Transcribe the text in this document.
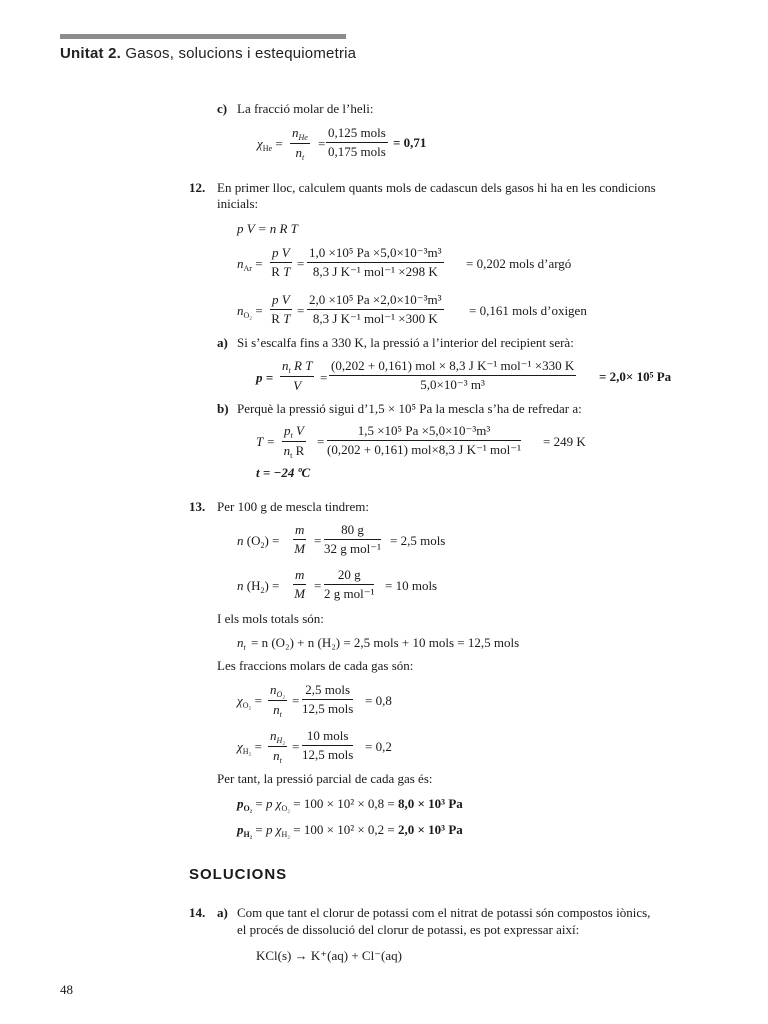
Unitat 2. Gasos, solucions i estequiometria
c) La fracció molar de l’heli:
$\chi_{He}$ =
$n_{He}$
$n_t$
=
0,125 mols
0,175 mols
= 0,71
12. En primer lloc, calculem quants mols de cadascun dels gasos hi ha en les condicions
inicials:
p V = n R T
$n_{Ar} = \frac{\text{p V}}{\text{R T}}$ =
1,0 ×10⁵ Pa ×5,0×10⁻³m³
8,3 J K⁻¹ mol⁻¹ ×298 K
= 0,202 mols d’argó
$n_{O_2} = \frac{\text{p V}}{\text{R T}}$ =
2,0 ×10⁵ Pa ×2,0×10⁻³m³
8,3 J K⁻¹ mol⁻¹ ×300 K
= 0,161 mols d’oxigen
a) Si s’escalfa fins a 330 K, la pressió a l’interior del recipient serà:
$p = \frac{n_t R T}{V}$ =
(0,202 + 0,161) mol × 8,3 J K⁻¹ mol⁻¹ ×330 K
5,0×10⁻³ m³
= 2,0× 10⁵ Pa
b) Perquè la pressió sigui d’1,5 × 10⁵ Pa la mescla s’ha de refredar a:
$T = \frac{p_t V}{n_t R}$ =
1,5 ×10⁵ Pa ×5,0×10⁻³m³
(0,202 + 0,161) mol×8,3 J K⁻¹ mol⁻¹
= 249 K
t = −24 ºC
13. Per 100 g de mescla tindrem:
n $(O_2) = \frac{m}{M}$ =
80 g
32 g mol⁻¹
= 2,5 mols
n $(H_2) = \frac{m}{M}$ =
20 g
2 g mol⁻¹
= 10 mols
I els mols totals són:
$n_t = n$ (O₂) + n (H₂) = 2,5 mols + 10 mols = 12,5 mols
Les fraccions molars de cada gas són:
$\chi_{O_2} = \frac{n_{O_2}}{n_t}$ =
2,5 mols
12,5 mols
= 0,8
$\chi_{H_2} = \frac{n_{H_2}}{n_t}$ =
10 mols
12,5 mols
= 0,2
Per tant, la pressió parcial de cada gas és:
$p_{O_2} = p$ $\chi_{O_2} = 100 \times 10^2 \times 0,8 = 8,0 \times 10^3$ Pa
$p_{H_2} = p$ $\chi_{H_2} = 100 \times 10^2 \times 0,2 = 2,0 \times 10^3$ Pa
SOLUCIONS
14. a) Com que tant el clorur de potassi com el nitrat de potassi són compostos iònics,
el procés de dissolució del clorur de potassi, es pot expressar així:
KCl(s) → K⁺(aq) + Cl⁻(aq)
48
